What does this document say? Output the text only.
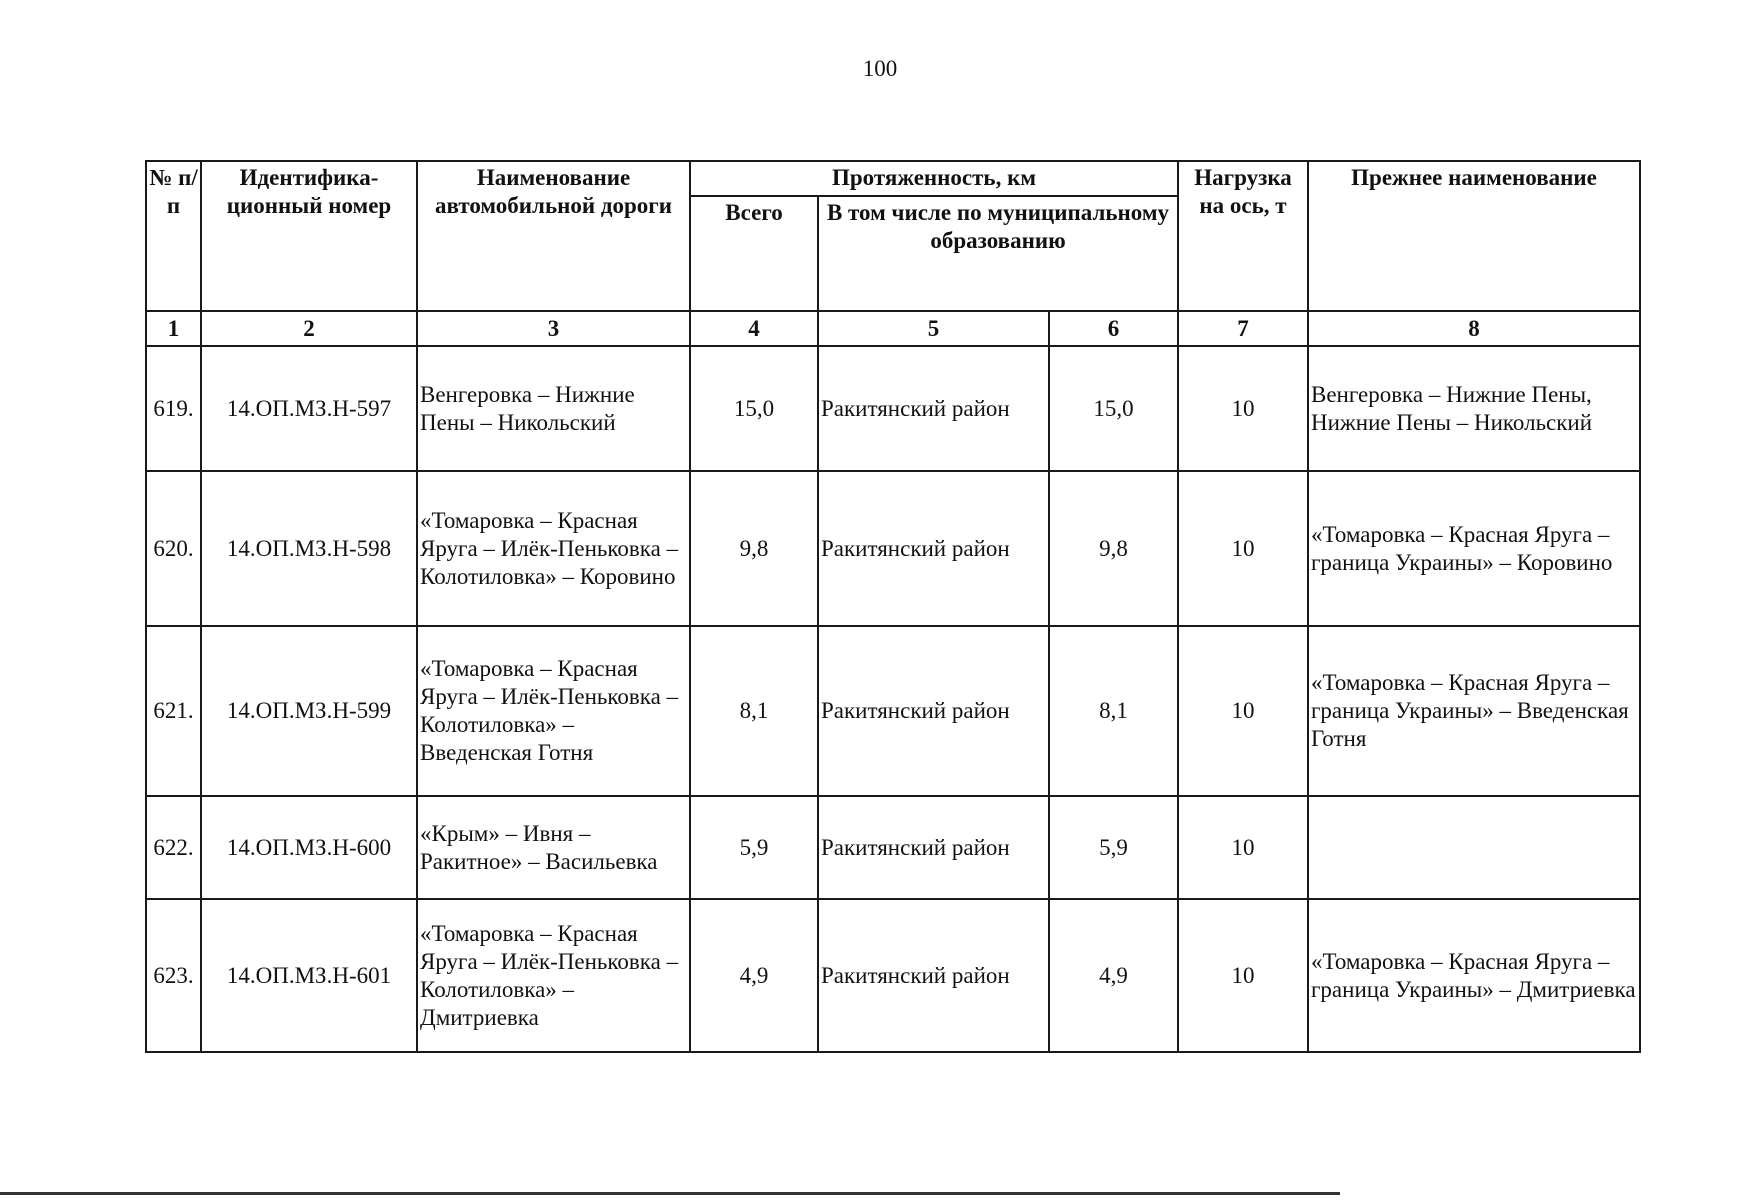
100
№ п/п	Идентифика-ционный номер	Наименование автомобильной дороги	Протяженность, км			Нагрузка на ось, т	Прежнее наименование
			Всего	В том числе по муниципальному образованию			
1	2	3	4	5	6	7	8
619.	14.ОП.МЗ.Н-597	Венгеровка – Нижние Пены – Никольский	15,0	Ракитянский район	15,0	10	Венгеровка – Нижние Пены, Нижние Пены – Никольский
620.	14.ОП.МЗ.Н-598	«Томаровка – Красная Яруга – Илёк-Пеньковка – Колотиловка» – Коровино	9,8	Ракитянский район	9,8	10	«Томаровка – Красная Яруга – граница Украины» – Коровино
621.	14.ОП.МЗ.Н-599	«Томаровка – Красная Яруга – Илёк-Пеньковка – Колотиловка» – Введенская Готня	8,1	Ракитянский район	8,1	10	«Томаровка – Красная Яруга – граница Украины» – Введенская Готня
622.	14.ОП.МЗ.Н-600	«Крым» – Ивня – Ракитное» – Васильевка	5,9	Ракитянский район	5,9	10	
623.	14.ОП.МЗ.Н-601	«Томаровка – Красная Яруга – Илёк-Пеньковка – Колотиловка» – Дмитриевка	4,9	Ракитянский район	4,9	10	«Томаровка – Красная Яруга – граница Украины» – Дмитриевка
